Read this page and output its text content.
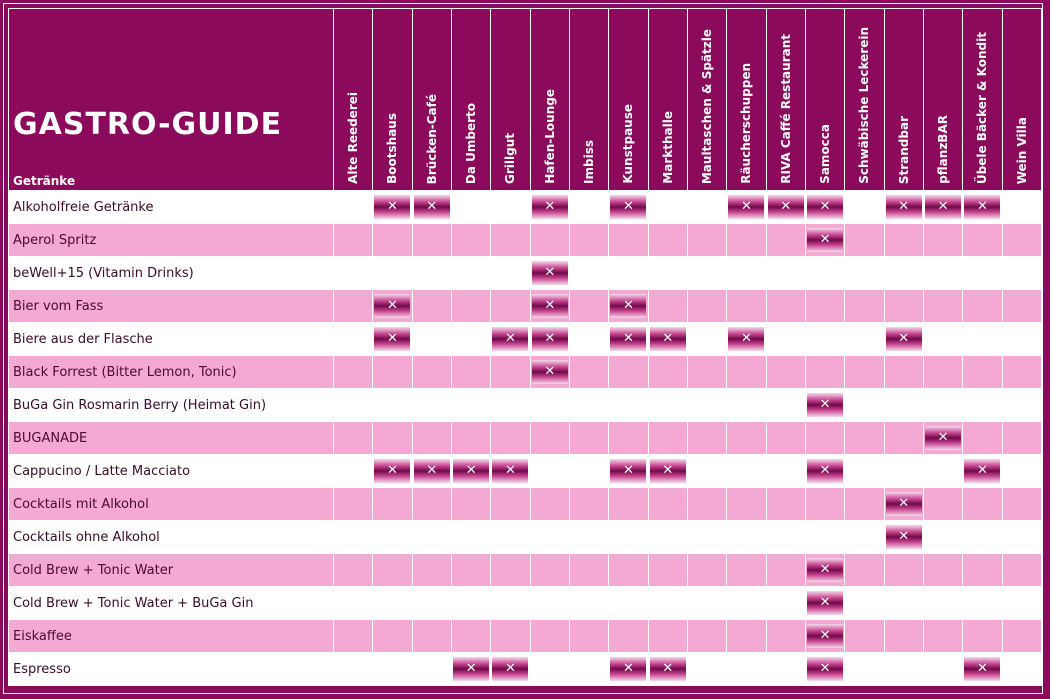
GASTRO-GUIDE
Getränke	Alte Reederei	Bootshaus	Brücken-Café	Da Umberto	Grillgut	Hafen-Lounge	Imbiss	Kunstpause	Markthalle	Maultaschen & Spätzle	Räucherschuppen	RIVA Caffé Restaurant	Samocca	Schwäbische Leckerein	Strandbar	pflanzBAR	Übele Bäcker & Kondit	Wein Villa

Alkoholfreie Getränke		✕	✕			✕		✕			✕	✕	✕		✕	✕	✕	
Aperol Spritz													✕					
beWell+15 (Vitamin Drinks)						✕												
Bier vom Fass		✕				✕		✕										
Biere aus der Flasche		✕			✕	✕		✕	✕		✕				✕			
Black Forrest (Bitter Lemon, Tonic)						✕												
BuGa Gin Rosmarin Berry (Heimat Gin)													✕					
BUGANADE																✕		
Cappucino / Latte Macciato		✕	✕	✕	✕			✕	✕				✕				✕	
Cocktails mit Alkohol															✕			
Cocktails ohne Alkohol															✕			
Cold Brew + Tonic Water													✕					
Cold Brew + Tonic Water + BuGa Gin													✕					
Eiskaffee													✕					
Espresso				✕	✕			✕	✕				✕				✕	
